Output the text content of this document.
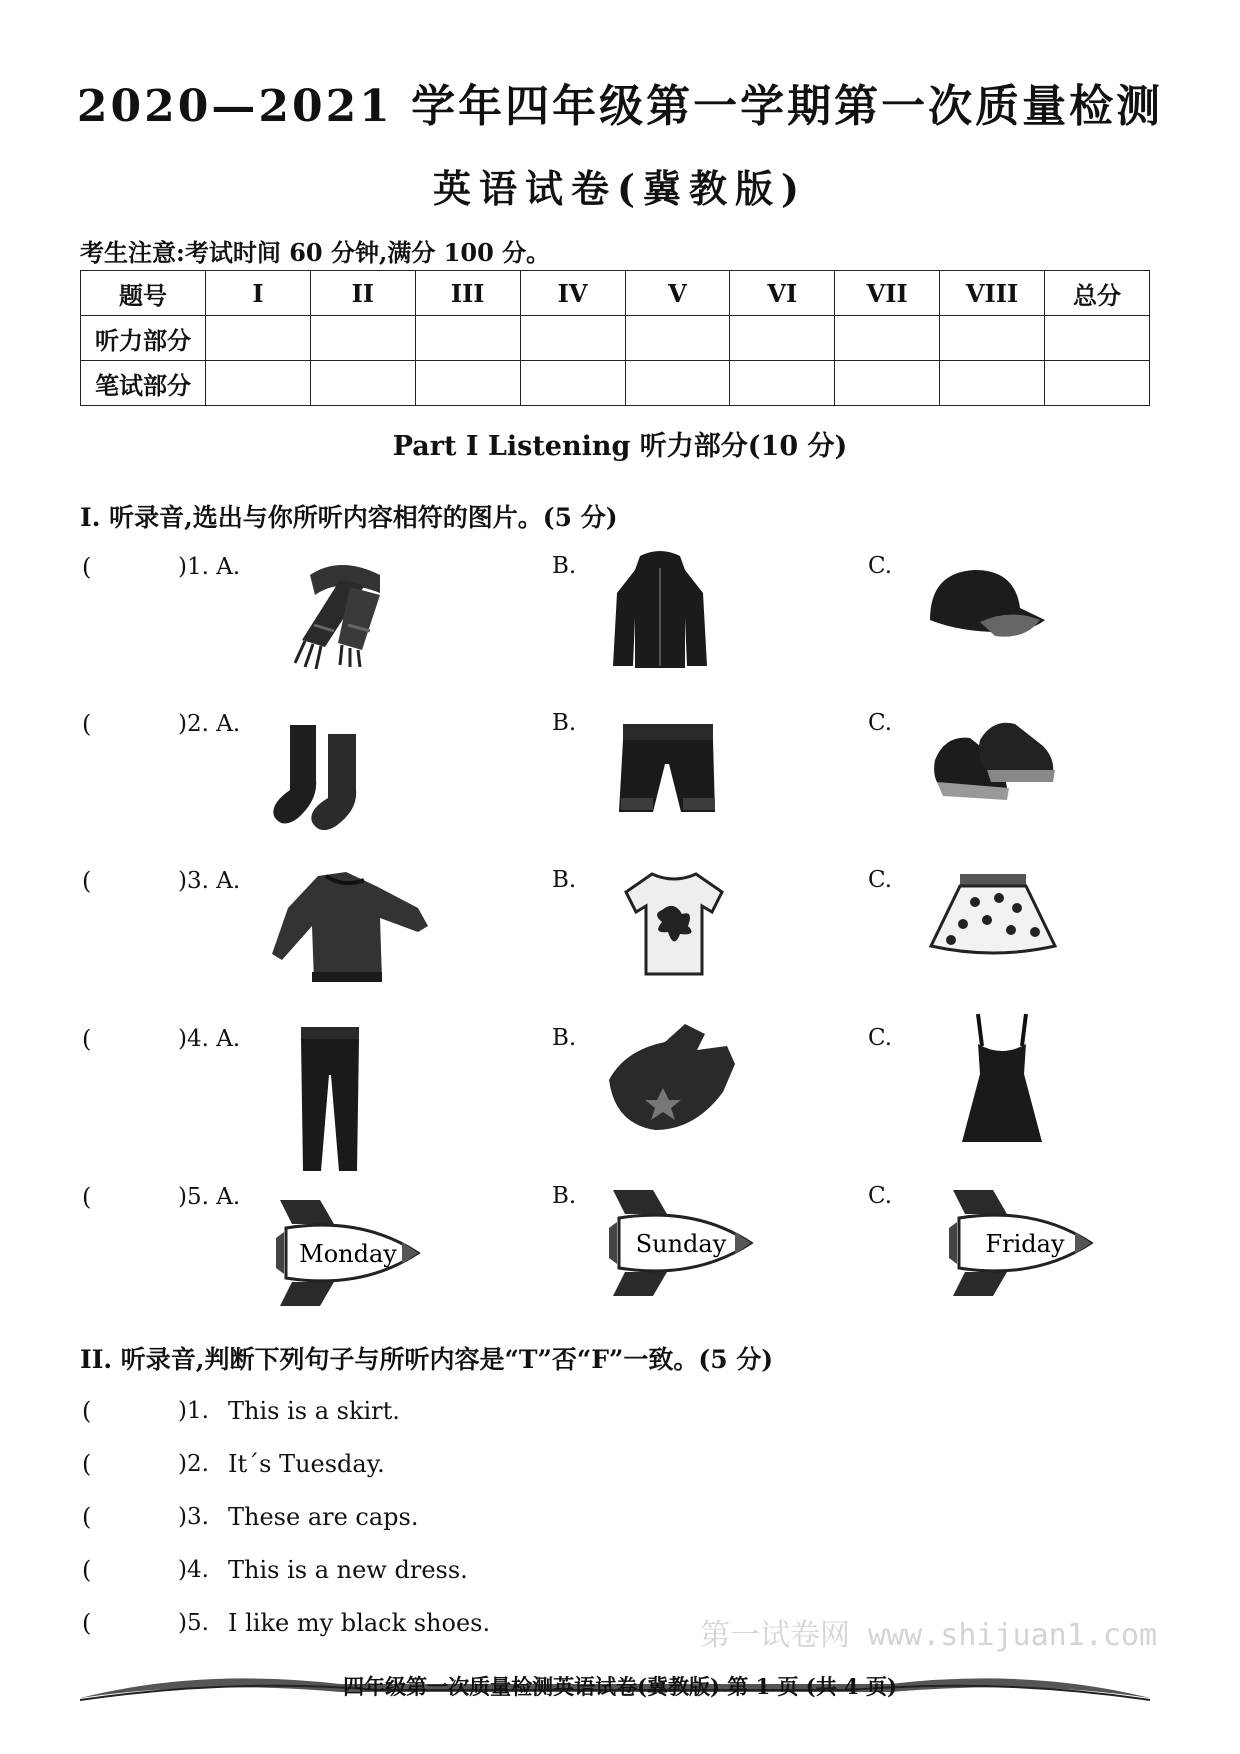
2020—2021 学年四年级第一学期第一次质量检测
英语试卷(冀教版)
考生注意:考试时间 60 分钟,满分 100 分。
题号	I	II	III	IV	V	VI	VII	VIII	总分
听力部分									
笔试部分									
Part I Listening 听力部分(10 分)
I. 听录音,选出与你所听内容相符的图片。(5 分)
(	)1. A.	B.	C.
(	)2. A.	B.	C.
(	)3. A.	B.	C.
(	)4. A.	B.	C.
(	)5. A.
Monday
B.
Sunday
C.
Friday
II. 听录音,判断下列句子与所听内容是“T”否“F”一致。(5 分)
(	)1. This is a skirt.
(	)2. It´s Tuesday.
(	)3. These are caps.
(	)4. This is a new dress.
(	)5. I like my black shoes.	第一试卷网 www.shijuan1.com
四年级第一次质量检测英语试卷(冀教版) 第 1 页 (共 4 页)
